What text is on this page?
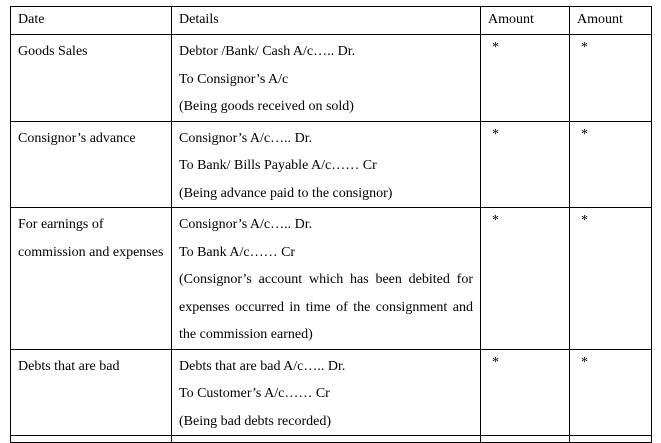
Date	Details	Amount	Amount
Goods Sales	Debtor /Bank/ Cash A/c….. Dr.
To Consignor’s A/c
(Being goods received on sold)	*	*

Consignor’s advance	Consignor’s A/c….. Dr.
To Bank/ Bills Payable A/c…… Cr
(Being advance paid to the consignor)	*	*

For earnings of commission and expenses	Consignor’s A/c….. Dr.
To Bank A/c…… Cr
(Consignor’s account which has been debited for expenses occurred in time of the consignment and the commission earned)	*	*

Debts that are bad	Debts that are bad A/c….. Dr.
To Customer’s A/c…… Cr
(Being bad debts recorded)	*	*
